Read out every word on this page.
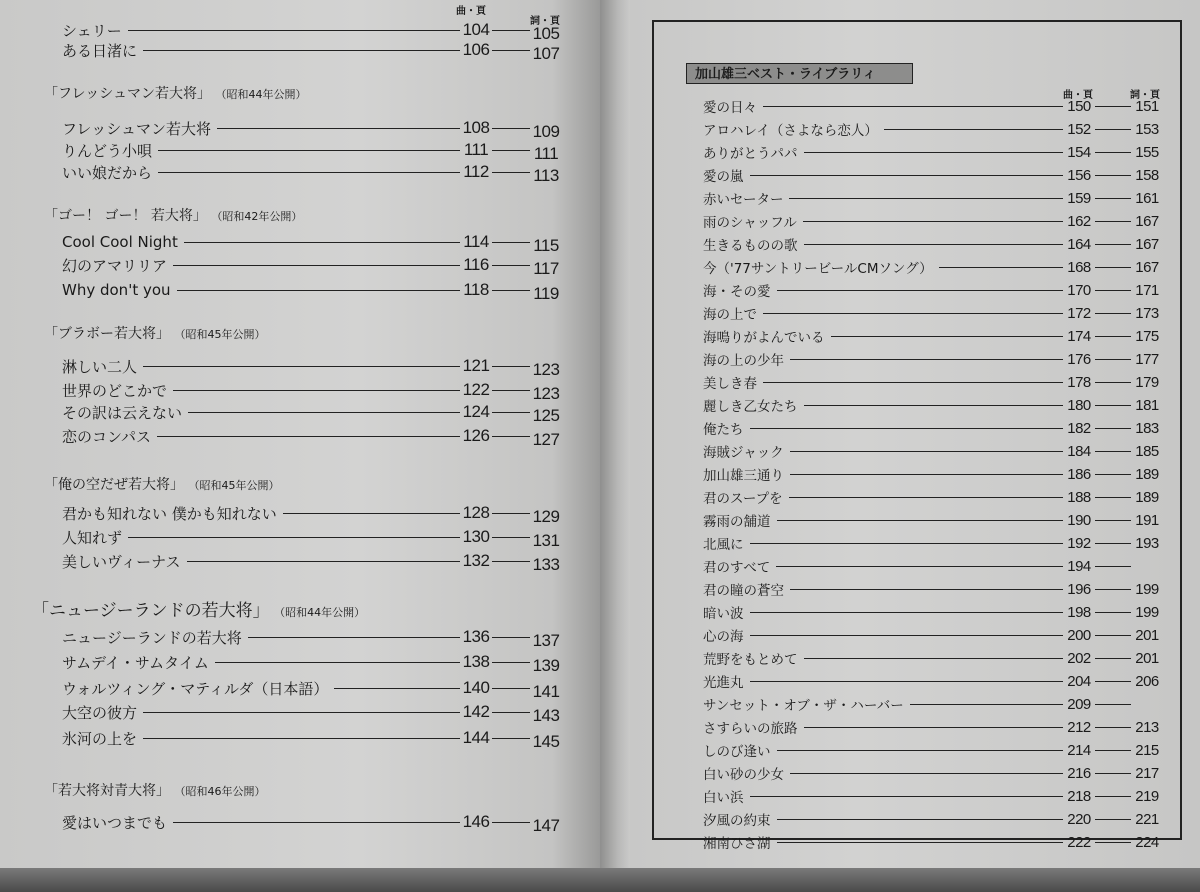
曲・頁
詞・頁
加山雄三ベスト・ライブラリィ
曲・頁	詞・頁
シェリー	104	105
ある日渚に	106	107
「フレッシュマン若大将」 （昭和44年公開）
フレッシュマン若大将	108	109
りんどう小唄	111	111
いい娘だから	112	113
「ゴー！ ゴー！ 若大将」 （昭和42年公開）
Cool Cool Night	114	115
幻のアマリリア	116	117
Why don't you	118	119
「ブラボー若大将」 （昭和45年公開）
淋しい二人	121	123
世界のどこかで	122	123
その訳は云えない	124	125
恋のコンパス	126	127
「俺の空だぜ若大将」 （昭和45年公開）
君かも知れない 僕かも知れない	128	129
人知れず	130	131
美しいヴィーナス	132	133
「ニュージーランドの若大将」 （昭和44年公開）
ニュージーランドの若大将	136	137
サムデイ・サムタイム	138	139
ウォルツィング・マティルダ（日本語）	140	141
大空の彼方	142	143
氷河の上を	144	145
「若大将対青大将」 （昭和46年公開）
愛はいつまでも	146	147
愛の日々	150	151
アロハレイ（さよなら恋人）	152	153
ありがとうパパ	154	155
愛の嵐	156	158
赤いセーター	159	161
雨のシャッフル	162	167
生きるものの歌	164	167
今（'77サントリービールCMソング）	168	167
海・その愛	170	171
海の上で	172	173
海鳴りがよんでいる	174	175
海の上の少年	176	177
美しき春	178	179
麗しき乙女たち	180	181
俺たち	182	183
海賊ジャック	184	185
加山雄三通り	186	189
君のスープを	188	189
霧雨の舗道	190	191
北風に	192	193
君のすべて	194
君の瞳の蒼空	196	199
暗い波	198	199
心の海	200	201
荒野をもとめて	202	201
光進丸	204	206
サンセット・オブ・ザ・ハーバー	209
さすらいの旅路	212	213
しのび逢い	214	215
白い砂の少女	216	217
白い浜	218	219
汐風の約束	220	221
湘南ひさ湖	222	224
